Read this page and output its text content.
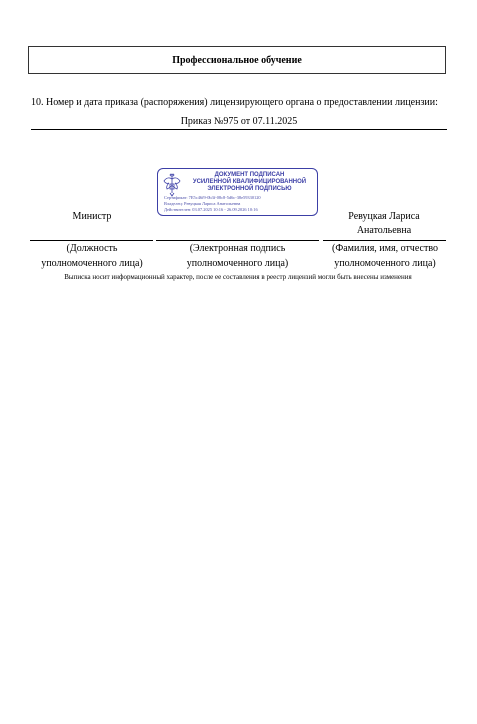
Профессиональное обучение
10. Номер и дата приказа (распоряжения) лицензирующего органа о предоставлении лицензии:
Приказ №975 от 07.11.2025
ДОКУМЕНТ ПОДПИСАН
УСИЛЕННОЙ КВАЛИФИЦИРОВАННОЙ
ЭЛЕКТРОННОЙ ПОДПИСЬЮ
Сертификат: 7E5c46f9-0b3f-08c8-5d6c-38e59330120
Владелец: Ревуцкая Лариса Анатольевна
Действителен: 03.07.2025 10:16 - 26.09.2026 10:16
Министр	Ревуцкая Лариса
Анатольевна
(Должность
уполномоченного лица)
(Электронная подпись
уполномоченного лица)
(Фамилия, имя, отчество
уполномоченного лица)
Выписка носит информационный характер, после ее составления в реестр лицензий могли быть внесены изменения
